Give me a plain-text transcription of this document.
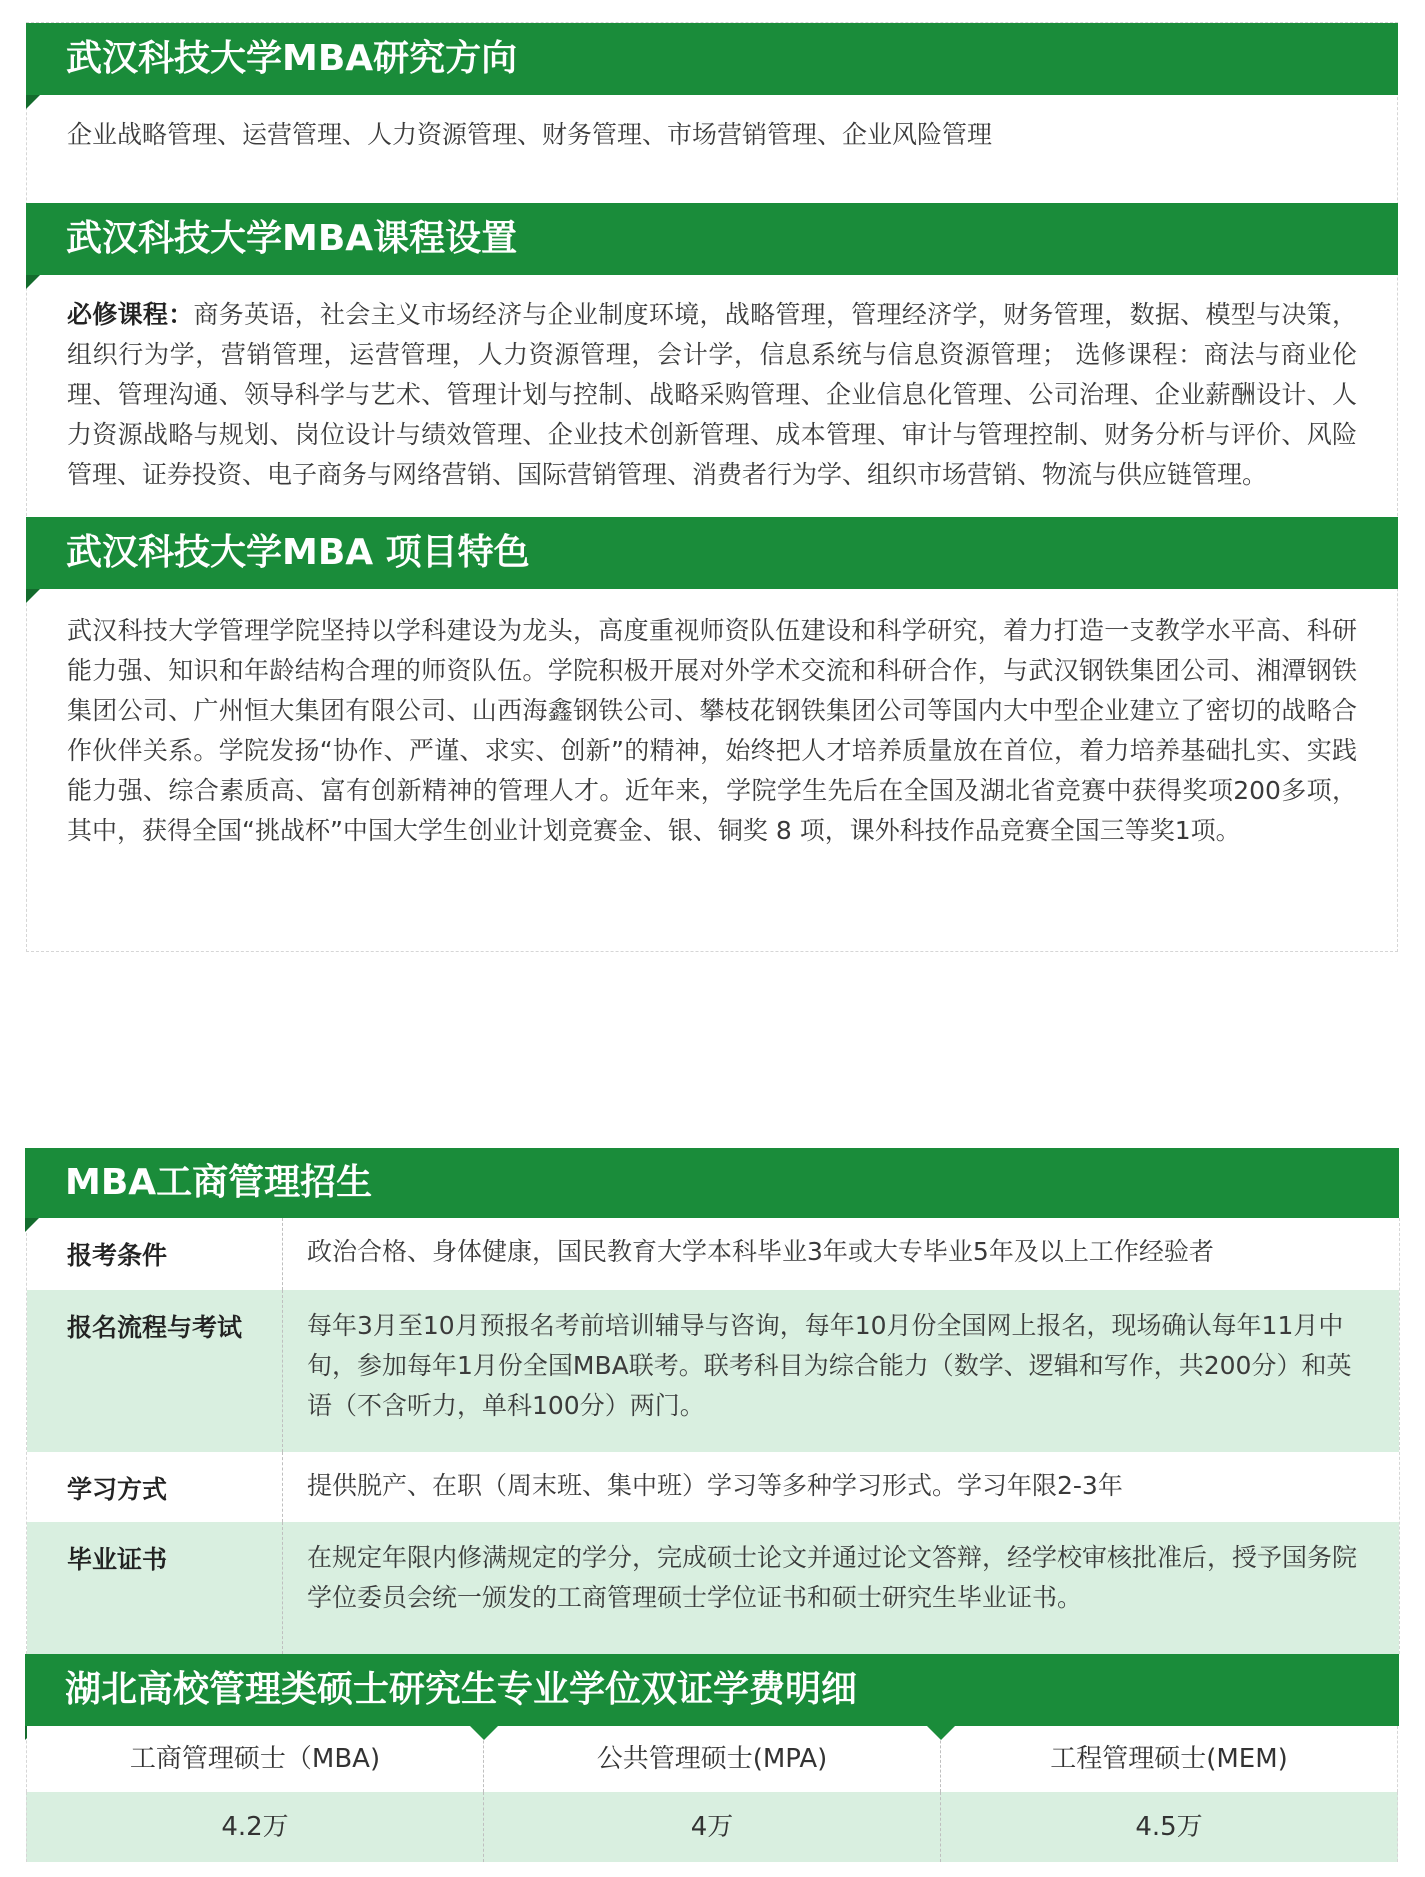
武汉科技大学MBA研究方向
企业战略管理、运营管理、人力资源管理、财务管理、市场营销管理、企业风险管理
武汉科技大学MBA课程设置
必修课程：商务英语，社会主义市场经济与企业制度环境，战略管理，管理经济学，财务管理，数据、模型与决策，组织行为学，营销管理，运营管理，人力资源管理，会计学，信息系统与信息资源管理； 选修课程：商法与商业伦理、管理沟通、领导科学与艺术、管理计划与控制、战略采购管理、企业信息化管理、公司治理、企业薪酬设计、人力资源战略与规划、岗位设计与绩效管理、企业技术创新管理、成本管理、审计与管理控制、财务分析与评价、风险管理、证券投资、电子商务与网络营销、国际营销管理、消费者行为学、组织市场营销、物流与供应链管理。
武汉科技大学MBA 项目特色
武汉科技大学管理学院坚持以学科建设为龙头，高度重视师资队伍建设和科学研究，着力打造一支教学水平高、科研能力强、知识和年龄结构合理的师资队伍。学院积极开展对外学术交流和科研合作，与武汉钢铁集团公司、湘潭钢铁集团公司、广州恒大集团有限公司、山西海鑫钢铁公司、攀枝花钢铁集团公司等国内大中型企业建立了密切的战略合作伙伴关系。学院发扬“协作、严谨、求实、创新”的精神，始终把人才培养质量放在首位，着力培养基础扎实、实践能力强、综合素质高、富有创新精神的管理人才。近年来，学院学生先后在全国及湖北省竞赛中获得奖项200多项，其中，获得全国“挑战杯”中国大学生创业计划竞赛金、银、铜奖 8 项，课外科技作品竞赛全国三等奖1项。
MBA工商管理招生
报考条件	政治合格、身体健康，国民教育大学本科毕业3年或大专毕业5年及以上工作经验者
报名流程与考试	每年3月至10月预报名考前培训辅导与咨询，每年10月份全国网上报名，现场确认每年11月中旬，参加每年1月份全国MBA联考。联考科目为综合能力（数学、逻辑和写作，共200分）和英语（不含听力，单科100分）两门。
学习方式	提供脱产、在职（周末班、集中班）学习等多种学习形式。学习年限2-3年
毕业证书	在规定年限内修满规定的学分，完成硕士论文并通过论文答辩，经学校审核批准后，授予国务院学位委员会统一颁发的工商管理硕士学位证书和硕士研究生毕业证书。
湖北高校管理类硕士研究生专业学位双证学费明细
工商管理硕士（MBA)	公共管理硕士(MPA)	工程管理硕士(MEM)
4.2万	4万	4.5万
